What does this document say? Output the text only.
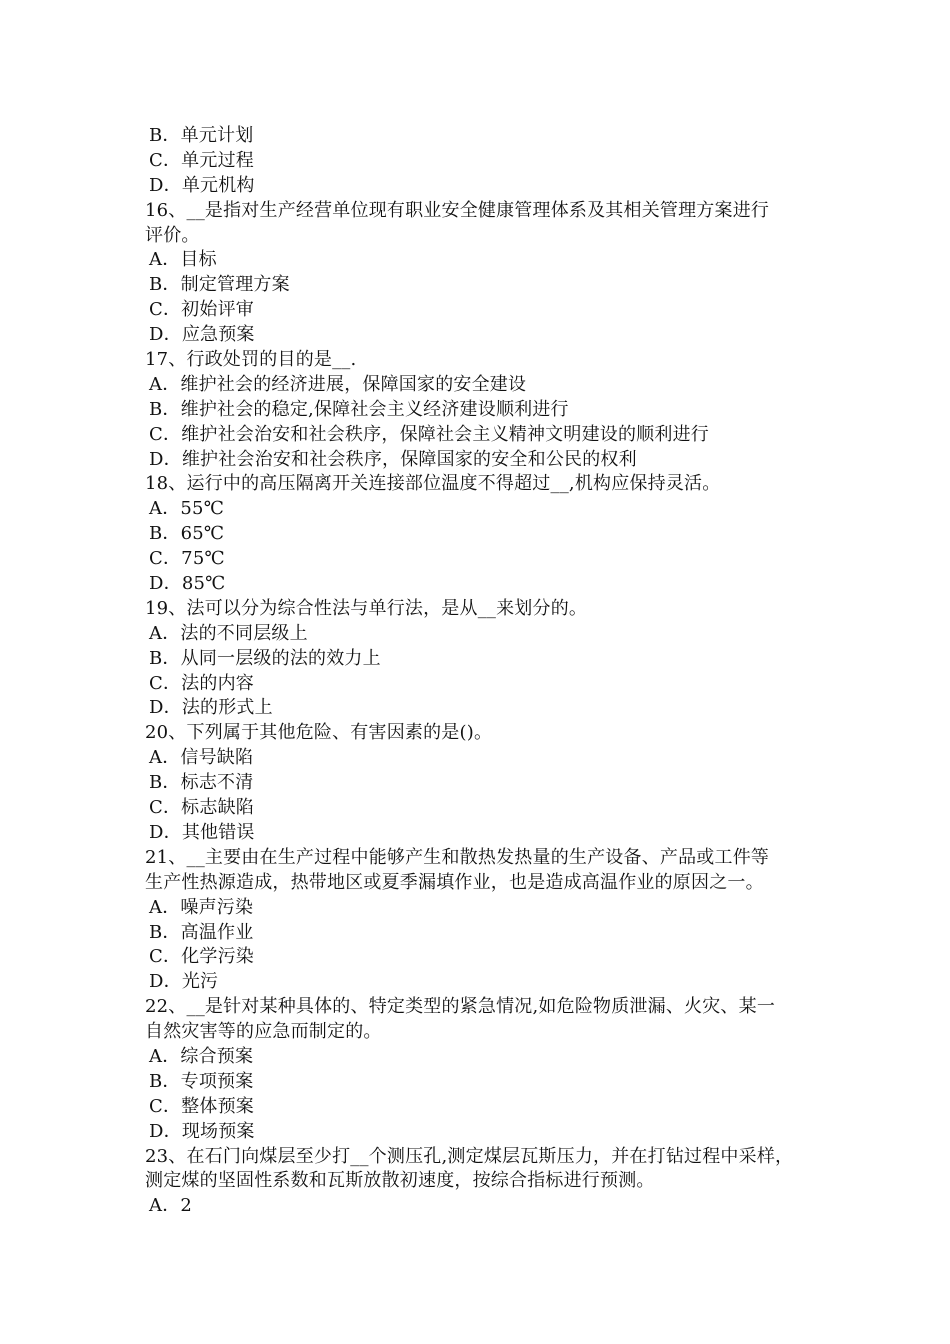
B．单元计划
C．单元过程
D．单元机构
16、__是指对生产经营单位现有职业安全健康管理体系及其相关管理方案进行
评价。
A．目标
B．制定管理方案
C．初始评审
D．应急预案
17、行政处罚的目的是__.
A．维护社会的经济进展，保障国家的安全建设
B．维护社会的稳定,保障社会主义经济建设顺利进行
C．维护社会治安和社会秩序，保障社会主义精神文明建设的顺利进行
D．维护社会治安和社会秩序，保障国家的安全和公民的权利
18、运行中的高压隔离开关连接部位温度不得超过__,机构应保持灵活。
A．55℃
B．65℃
C．75℃
D．85℃
19、法可以分为综合性法与单行法，是从__来划分的。
A．法的不同层级上
B．从同一层级的法的效力上
C．法的内容
D．法的形式上
20、下列属于其他危险、有害因素的是()。
A．信号缺陷
B．标志不清
C．标志缺陷
D．其他错误
21、__主要由在生产过程中能够产生和散热发热量的生产设备、产品或工件等
生产性热源造成，热带地区或夏季漏填作业，也是造成高温作业的原因之一。
A．噪声污染
B．高温作业
C．化学污染
D．光污
22、__是针对某种具体的、特定类型的紧急情况,如危险物质泄漏、火灾、某一
自然灾害等的应急而制定的。
A．综合预案
B．专项预案
C．整体预案
D．现场预案
23、在石门向煤层至少打__个测压孔,测定煤层瓦斯压力，并在打钻过程中采样，
测定煤的坚固性系数和瓦斯放散初速度，按综合指标进行预测。
A．2
